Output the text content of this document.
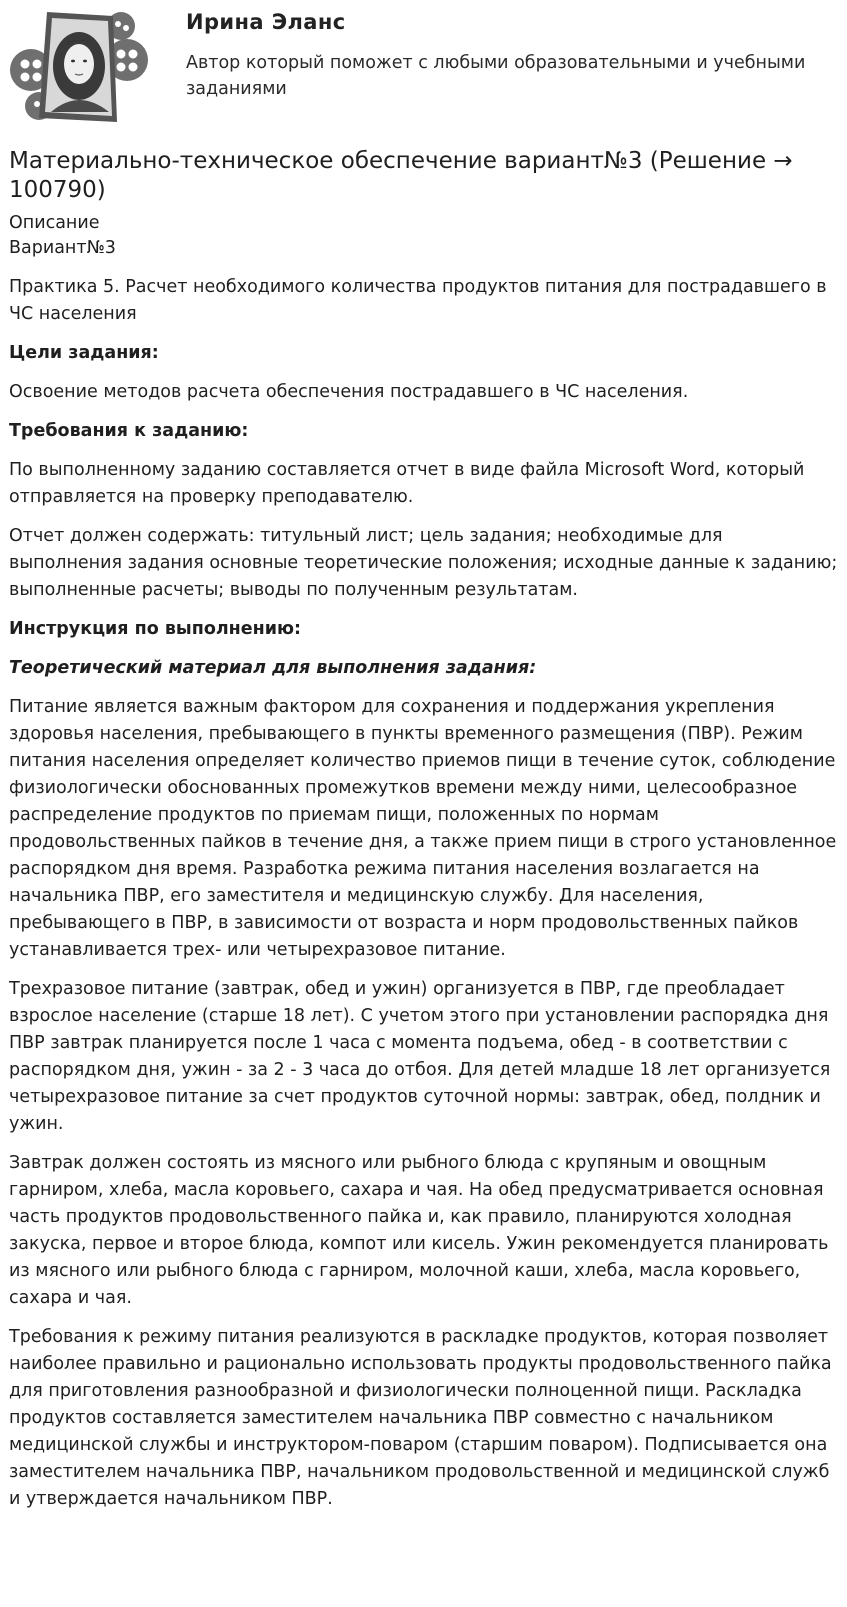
Ирина Эланс

Автор который поможет с любыми образовательными и учебными заданиями

Материально-техническое обеспечение вариант№3 (Решение → 100790)

Описание

Вариант№3

Практика 5. Расчет необходимого количества продуктов питания для пострадавшего в ЧС населения

Цели задания:

Освоение методов расчета обеспечения пострадавшего в ЧС населения.

Требования к заданию:

По выполненному заданию составляется отчет в виде файла Microsoft Word, который отправляется на проверку преподавателю.

Отчет должен содержать: титульный лист; цель задания; необходимые для выполнения задания основные теоретические положения; исходные данные к заданию; выполненные расчеты; выводы по полученным результатам.

Инструкция по выполнению:

Теоретический материал для выполнения задания:

Питание является важным фактором для сохранения и поддержания укрепления здоровья населения, пребывающего в пункты временного размещения (ПВР). Режим питания населения определяет количество приемов пищи в течение суток, соблюдение физиологически обоснованных промежутков времени между ними, целесообразное распределение продуктов по приемам пищи, положенных по нормам продовольственных пайков в течение дня, а также прием пищи в строго установленное распорядком дня время. Разработка режима питания населения возлагается на начальника ПВР, его заместителя и медицинскую службу. Для населения, пребывающего в ПВР, в зависимости от возраста и норм продовольственных пайков устанавливается трех- или четырехразовое питание.

Трехразовое питание (завтрак, обед и ужин) организуется в ПВР, где преобладает взрослое население (старше 18 лет). С учетом этого при установлении распорядка дня ПВР завтрак планируется после 1 часа с момента подъема, обед - в соответствии с распорядком дня, ужин - за 2 - 3 часа до отбоя. Для детей младше 18 лет организуется четырехразовое питание за счет продуктов суточной нормы: завтрак, обед, полдник и ужин.

Завтрак должен состоять из мясного или рыбного блюда с крупяным и овощным гарниром, хлеба, масла коровьего, сахара и чая. На обед предусматривается основная часть продуктов продовольственного пайка и, как правило, планируются холодная закуска, первое и второе блюда, компот или кисель. Ужин рекомендуется планировать из мясного или рыбного блюда с гарниром, молочной каши, хлеба, масла коровьего, сахара и чая.

Требования к режиму питания реализуются в раскладке продуктов, которая позволяет наиболее правильно и рационально использовать продукты продовольственного пайка для приготовления разнообразной и физиологически полноценной пищи. Раскладка продуктов составляется заместителем начальника ПВР совместно с начальником медицинской службы и инструктором-поваром (старшим поваром). Подписывается она заместителем начальника ПВР, начальником продовольственной и медицинской служб и утверждается начальником ПВР.
